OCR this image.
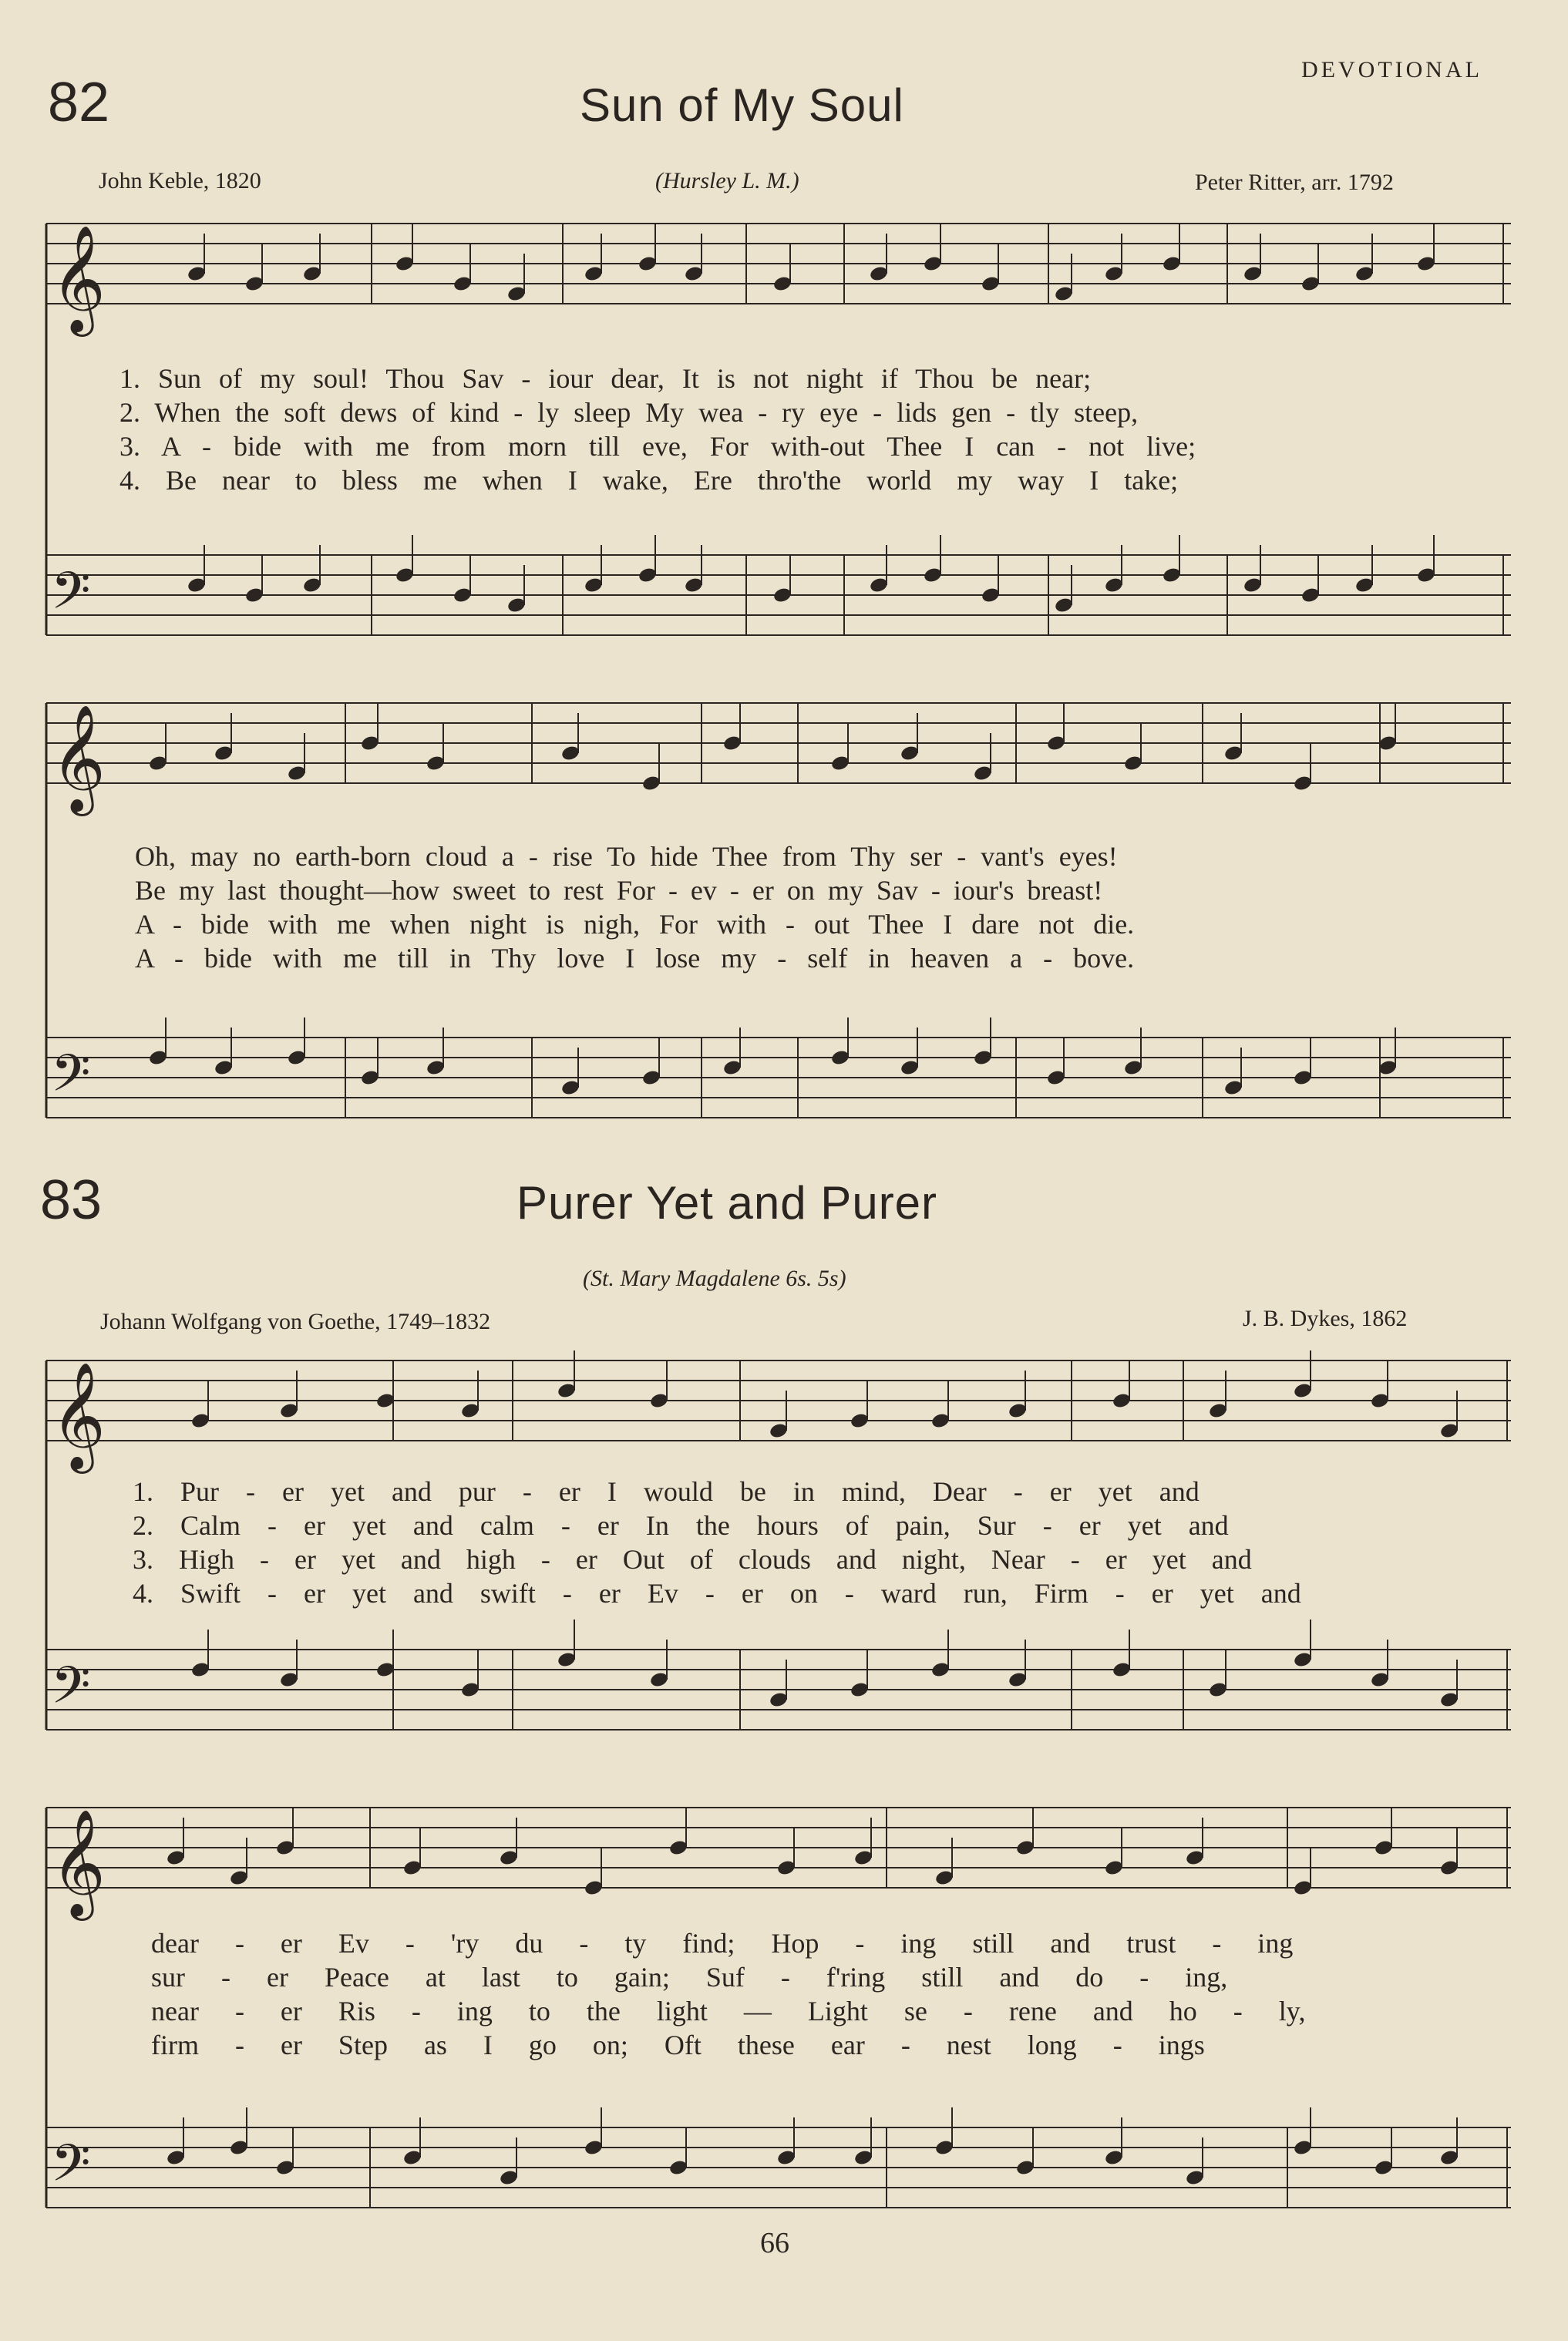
DEVOTIONAL
82	Sun of My Soul
John Keble, 1820	(Hursley L. M.)	Peter Ritter, arr. 1792
1. Sun of my soul! Thou Sav - iour dear, It is not night if Thou be near;
2. When the soft dews of kind - ly sleep My wea - ry eye - lids gen - tly steep,
3. A - bide with me from morn till eve, For with-out Thee I can - not live;
4. Be near to bless me when I wake, Ere thro'the world my way I take;
Oh, may no earth-born cloud a - rise To hide Thee from Thy ser - vant's eyes!
Be my last thought—how sweet to rest For - ev - er on my Sav - iour's breast!
A - bide with me when night is nigh, For with - out Thee I dare not die.
A - bide with me till in Thy love I lose my - self in heaven a - bove.
83	Purer Yet and Purer
(St. Mary Magdalene 6s. 5s)
Johann Wolfgang von Goethe, 1749–1832	J. B. Dykes, 1862
1. Pur - er yet and pur - er I would be in mind, Dear - er yet and
2. Calm - er yet and calm - er In the hours of pain, Sur - er yet and
3. High - er yet and high - er Out of clouds and night, Near - er yet and
4. Swift - er yet and swift - er Ev - er on - ward run, Firm - er yet and
dear - er Ev - 'ry du - ty find; Hop - ing still and trust - ing
sur - er Peace at last to gain; Suf - f'ring still and do - ing,
near - er Ris - ing to the light — Light se - rene and ho - ly,
firm - er Step as I go on; Oft these ear - nest long - ings
66
𝄞
𝄢
𝄞
𝄢
𝄞
𝄢
𝄞
𝄢
